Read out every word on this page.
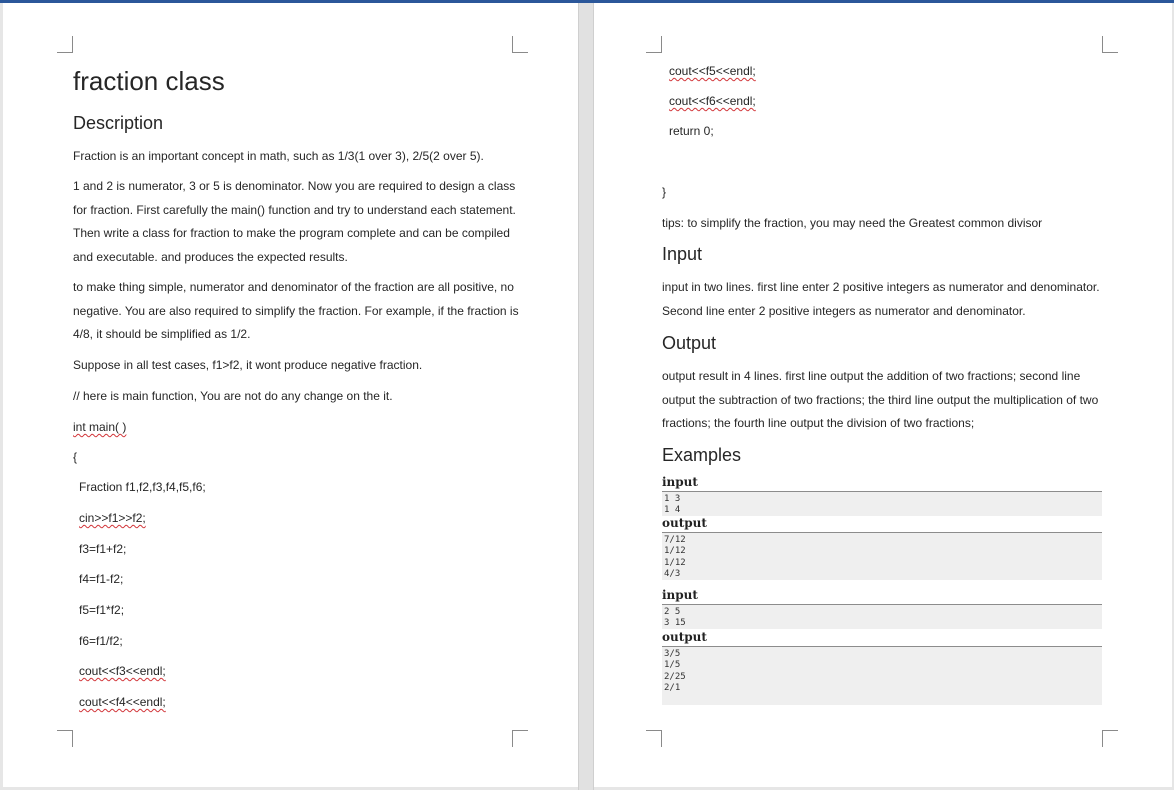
fraction class
Description
Fraction is an important concept in math, such as 1/3(1 over 3), 2/5(2 over 5).
1 and 2 is numerator, 3 or 5 is denominator. Now you are required to design a class
for fraction. First carefully the main() function and try to understand each statement.
Then write a class for fraction to make the program complete and can be compiled
and executable. and produces the expected results.
to make thing simple, numerator and denominator of the fraction are all positive, no
negative. You are also required to simplify the fraction. For example, if the fraction is
4/8, it should be simplified as 1/2.
Suppose in all test cases, f1>f2, it wont produce negative fraction.
// here is main function, You are not do any change on the it.
int main( )
{
Fraction f1,f2,f3,f4,f5,f6;
cin>>f1>>f2;
f3=f1+f2;
f4=f1-f2;
f5=f1*f2;
f6=f1/f2;
cout<<f3<<endl;
cout<<f4<<endl;
cout<<f5<<endl;
cout<<f6<<endl;
return 0;
}
tips: to simplify the fraction, you may need the Greatest common divisor
Input
input in two lines. first line enter 2 positive integers as numerator and denominator.
Second line enter 2 positive integers as numerator and denominator.
Output
output result in 4 lines. first line output the addition of two fractions; second line
output the subtraction of two fractions; the third line output the multiplication of two
fractions; the fourth line output the division of two fractions;
Examples
input
1 3
1 4
output
7/12
1/12
1/12
4/3
input
2 5
3 15
output
3/5
1/5
2/25
2/1
